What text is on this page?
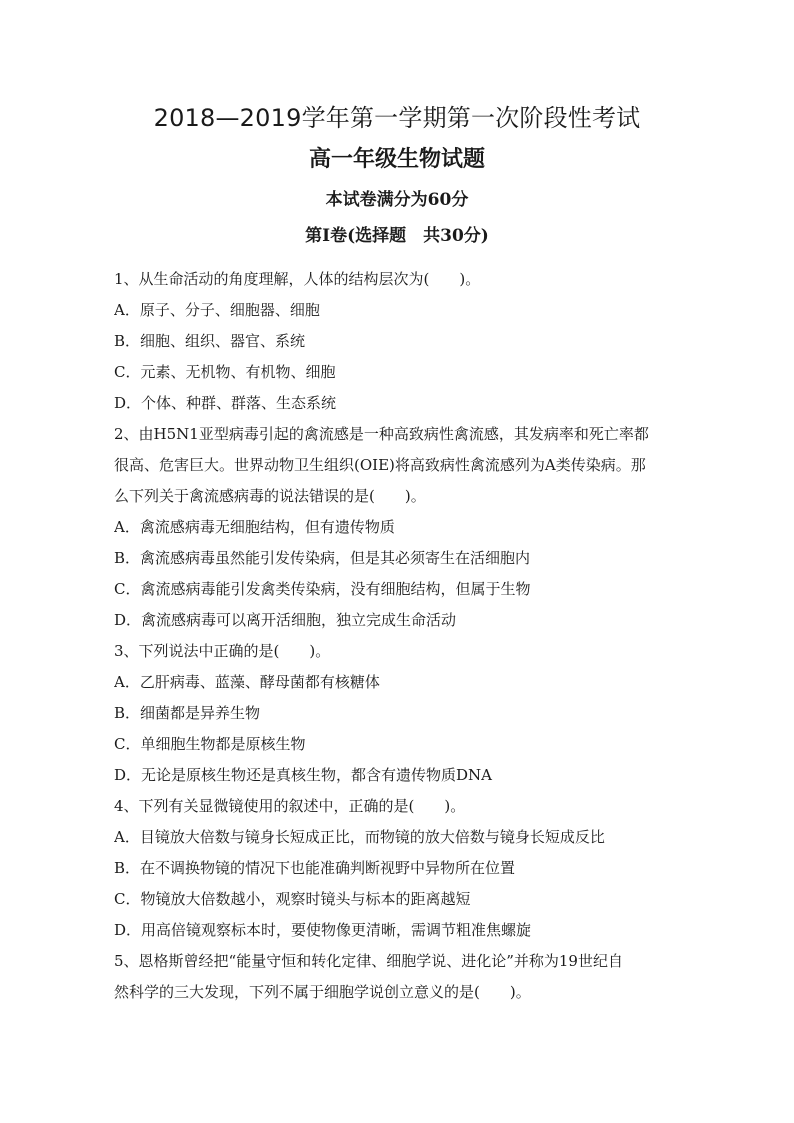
2018—2019学年第一学期第一次阶段性考试
高一年级生物试题
本试卷满分为60分
第Ⅰ卷(选择题　共30分)
1、从生命活动的角度理解，人体的结构层次为(　　)。
A．原子、分子、细胞器、细胞
B．细胞、组织、器官、系统
C．元素、无机物、有机物、细胞
D．个体、种群、群落、生态系统
2、由H5N1亚型病毒引起的禽流感是一种高致病性禽流感，其发病率和死亡率都
很高、危害巨大。世界动物卫生组织(OIE)将高致病性禽流感列为A类传染病。那
么下列关于禽流感病毒的说法错误的是(　　)。
A．禽流感病毒无细胞结构，但有遗传物质
B．禽流感病毒虽然能引发传染病，但是其必须寄生在活细胞内
C．禽流感病毒能引发禽类传染病，没有细胞结构，但属于生物
D．禽流感病毒可以离开活细胞，独立完成生命活动
3、下列说法中正确的是(　　)。
A．乙肝病毒、蓝藻、酵母菌都有核糖体
B．细菌都是异养生物
C．单细胞生物都是原核生物
D．无论是原核生物还是真核生物，都含有遗传物质DNA
4、下列有关显微镜使用的叙述中，正确的是(　　)。
A．目镜放大倍数与镜身长短成正比，而物镜的放大倍数与镜身长短成反比
B．在不调换物镜的情况下也能准确判断视野中异物所在位置
C．物镜放大倍数越小，观察时镜头与标本的距离越短
D．用高倍镜观察标本时，要使物像更清晰，需调节粗准焦螺旋
5、恩格斯曾经把“能量守恒和转化定律、细胞学说、进化论”并称为19世纪自
然科学的三大发现，下列不属于细胞学说创立意义的是(　　)。
